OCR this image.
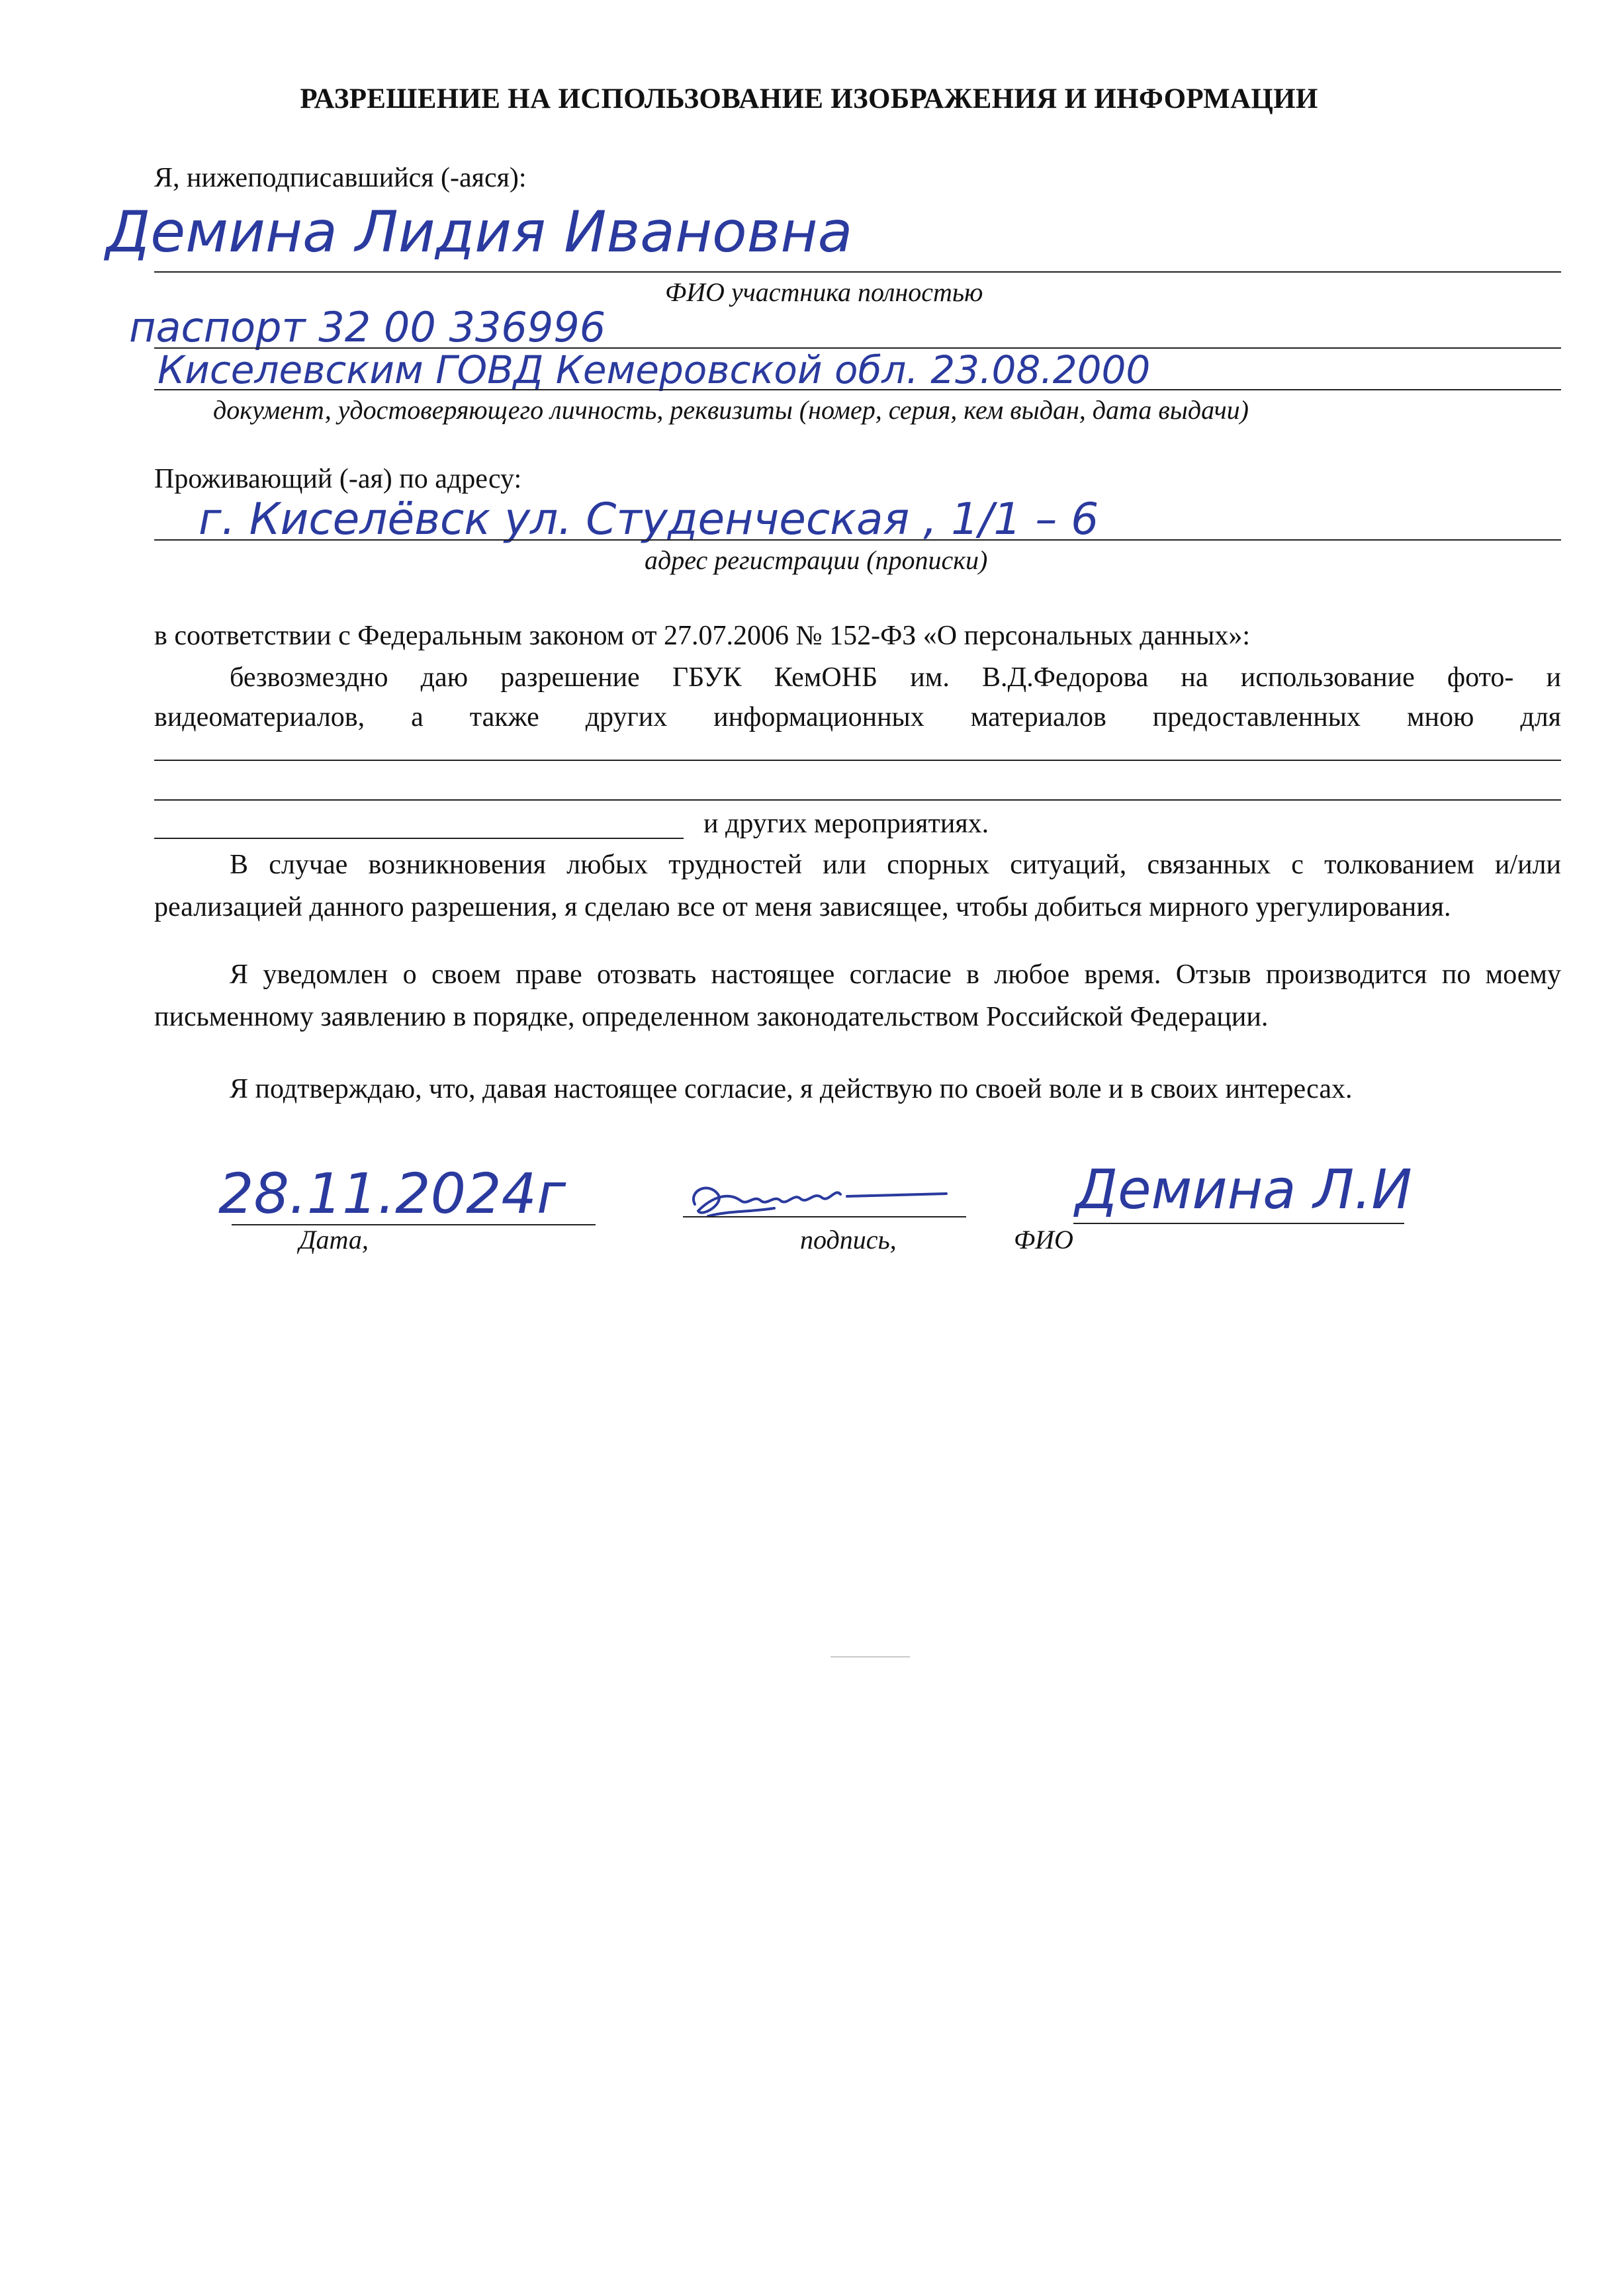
РАЗРЕШЕНИЕ НА ИСПОЛЬЗОВАНИЕ ИЗОБРАЖЕНИЯ И ИНФОРМАЦИИ
Я, нижеподписавшийся (-аяся):
Демина Лидия Ивановна
ФИО участника полностью
паспорт 32 00 336996
Киселевским ГОВД Кемеровской обл. 23.08.2000
документ, удостоверяющего личность, реквизиты (номер, серия, кем выдан, дата выдачи)
Проживающий (-ая) по адресу:
г. Киселёвск ул. Студенческая , 1/1 – 6
адрес регистрации (прописки)
в соответствии с Федеральным законом от 27.07.2006 № 152-ФЗ «О персональных данных»:
безвозмездно даю разрешение ГБУК КемОНБ им. В.Д.Федорова на использование фото- и
видеоматериалов, а также других информационных материалов предоставленных мною для
и других мероприятиях.
В случае возникновения любых трудностей или спорных ситуаций, связанных с толкованием и/или реализацией данного разрешения, я сделаю все от меня зависящее, чтобы добиться мирного урегулирования.
Я уведомлен о своем праве отозвать настоящее согласие в любое время. Отзыв производится по моему письменному заявлению в порядке, определенном законодательством Российской Федерации.
Я подтверждаю, что, давая настоящее согласие, я действую по своей воле и в своих интересах.
28.11.2024г
Дата,	подпись,
Демина Л.И
ФИО
